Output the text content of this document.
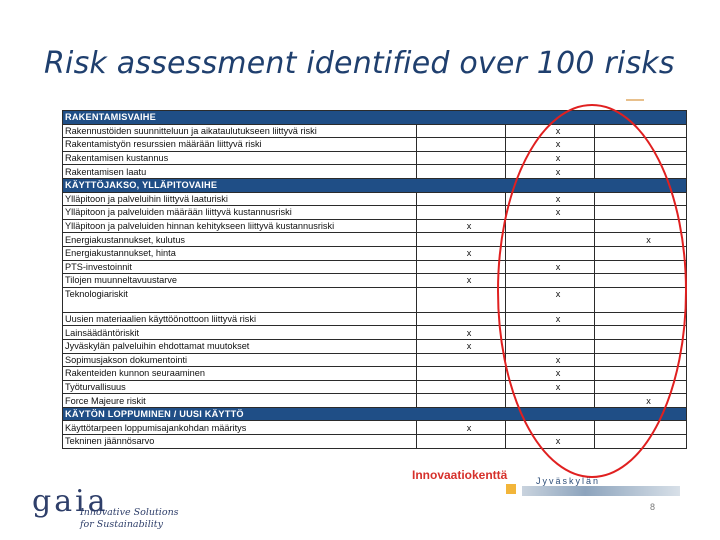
Risk assessment identified over 100 risks
RAKENTAMISVAIHE			
Rakennustöiden suunnitteluun ja aikataulutukseen liittyvä riski		x	
Rakentamistyön resurssien määrään liittyvä riski		x	
Rakentamisen kustannus		x	
Rakentamisen laatu		x	
KÄYTTÖJAKSO, YLLÄPITOVAIHE			
Ylläpitoon ja palveluihin liittyvä laaturiski		x	
Ylläpitoon ja palveluiden määrään liittyvä kustannusriski		x	
Ylläpitoon ja palveluiden hinnan kehitykseen liittyvä kustannusriski	x		
Energiakustannukset, kulutus			x
Energiakustannukset, hinta	x		
PTS-investoinnit		x	
Tilojen muunneltavuustarve	x		
Teknologiariskit		x	
Uusien materiaalien käyttöönottoon liittyvä riski		x	
Lainsäädäntöriskit	x		
Jyväskylän palveluihin ehdottamat muutokset	x		
Sopimusjakson dokumentointi		x	
Rakenteiden kunnon seuraaminen		x	
Työturvallisuus		x	
Force Majeure riskit			x
KÄYTÖN LOPPUMINEN / UUSI KÄYTTÖ			
Käyttötarpeen loppumisajankohdan määritys	x		
Tekninen jäännösarvo		x	
Innovaatiokenttä	Jyväskylän
gaia
Innovative Solutions
for Sustainability
8
